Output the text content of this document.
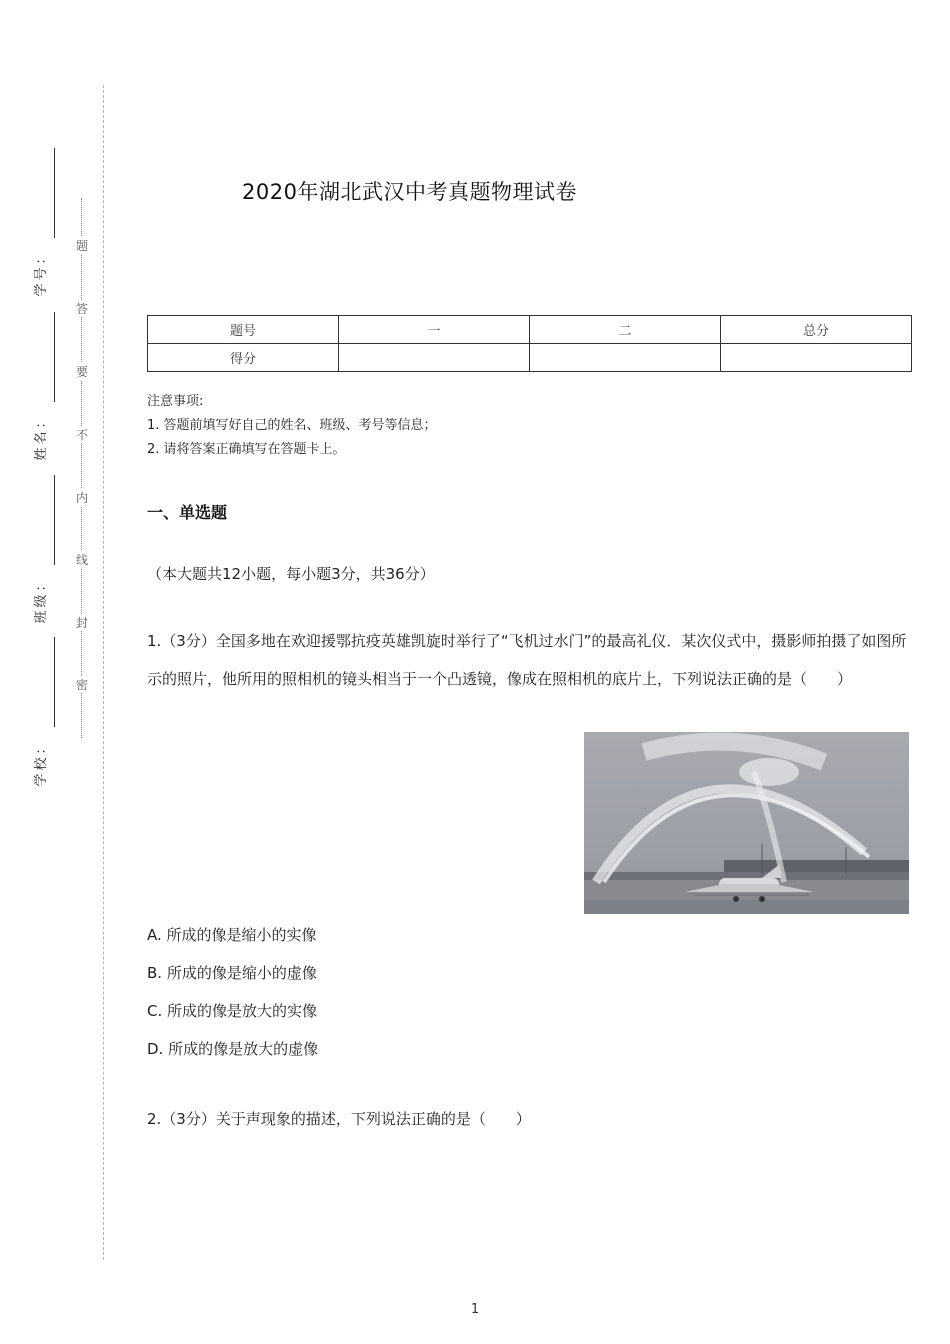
：
号
学
：
名
姓
：
级
班
：
校
学
题
答
要
不
内
线
封
密
2020年湖北武汉中考真题物理试卷
题号	一	二	总分
得分			
注意事项:
1. 答题前填写好自己的姓名、班级、考号等信息；
2. 请将答案正确填写在答题卡上。
一、单选题
（本大题共12小题，每小题3分，共36分）
1.（3分）全国多地在欢迎援鄂抗疫英雄凯旋时举行了“飞机过水门”的最高礼仪．某次仪式中，摄影师拍摄了如图所示的照片，他所用的照相机的镜头相当于一个凸透镜，像成在照相机的底片上，下列说法正确的是（　　）
A. 所成的像是缩小的实像
B. 所成的像是缩小的虚像
C. 所成的像是放大的实像
D. 所成的像是放大的虚像
2.（3分）关于声现象的描述，下列说法正确的是（　　）
1
